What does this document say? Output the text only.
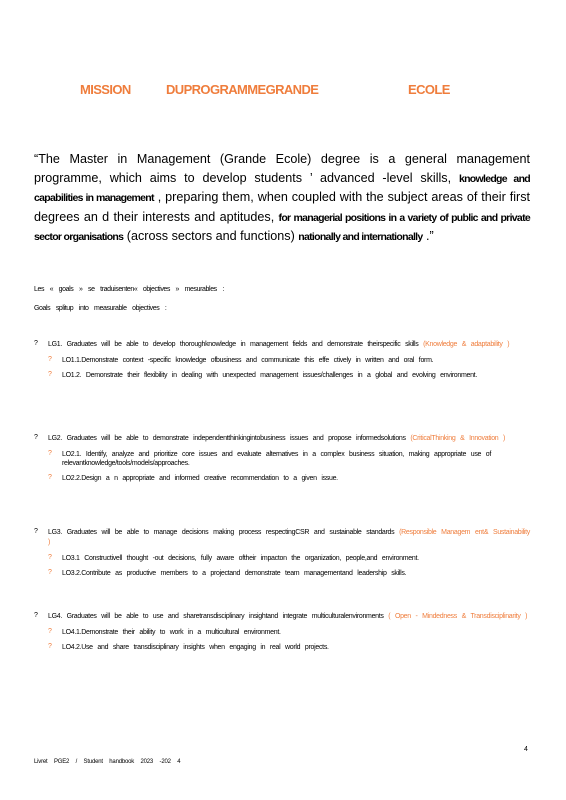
MISSION	DUPROGRAMMEGRANDE	ECOLE
“The Master in Management (Grande Ecole) degree is a general management programme, which aims to develop students ’ advanced -level skills, knowledge and capabilities in management , preparing them, when coupled with the subject areas of their first degrees an d their interests and aptitudes, for managerial positions in a variety of public and private sector organisations (across sectors and functions) nationally and internationally .”
Les « goals » se traduisenten« objectives » mesurables :
Goals splitup into measurable objectives :
?	LG1. Graduates will be able to develop thoroughknowledge in management fields and demonstrate theirspecific skills (Knowledge & adaptability )
?	LO1.1.Demonstrate context -specific knowledge ofbusiness and communicate this effe ctively in written and oral form.
?	LO1.2. Demonstrate their flexibility in dealing with unexpected management issues/challenges in a global and evolving environment.
?	LG2. Graduates will be able to demonstrate independentthinkingintobusiness issues and propose informedsolutions (CriticalThinking & Innovation )
?	LO2.1. Identify, analyze and prioritize core issues and evaluate alternatives in a complex business situation, making appropriate use of relevantknowledge/tools/models/approaches.
?	LO2.2.Design a n appropriate and informed creative recommendation to a given issue.
?	LG3. Graduates will be able to manage decisions making process respectingCSR and sustainable standards (Responsible Managem ent& Sustainability )
?	LO3.1 Constructivell thought -out decisions, fully aware oftheir impacton the organization, people,and environment.
?	LO3.2.Contribute as productive members to a projectand demonstrate team managementand leadership skills.
?	LG4. Graduates will be able to use and sharetransdisciplinary insightand integrate multiculturalenvironments ( Open - Mindedness & Transdisciplinarity )
?	LO4.1.Demonstrate their ability to work in a multicultural environment.
?	LO4.2.Use and share transdisciplinary insights when engaging in real world projects.
4
Livret PGE2 / Student handbook 2023 -202 4
